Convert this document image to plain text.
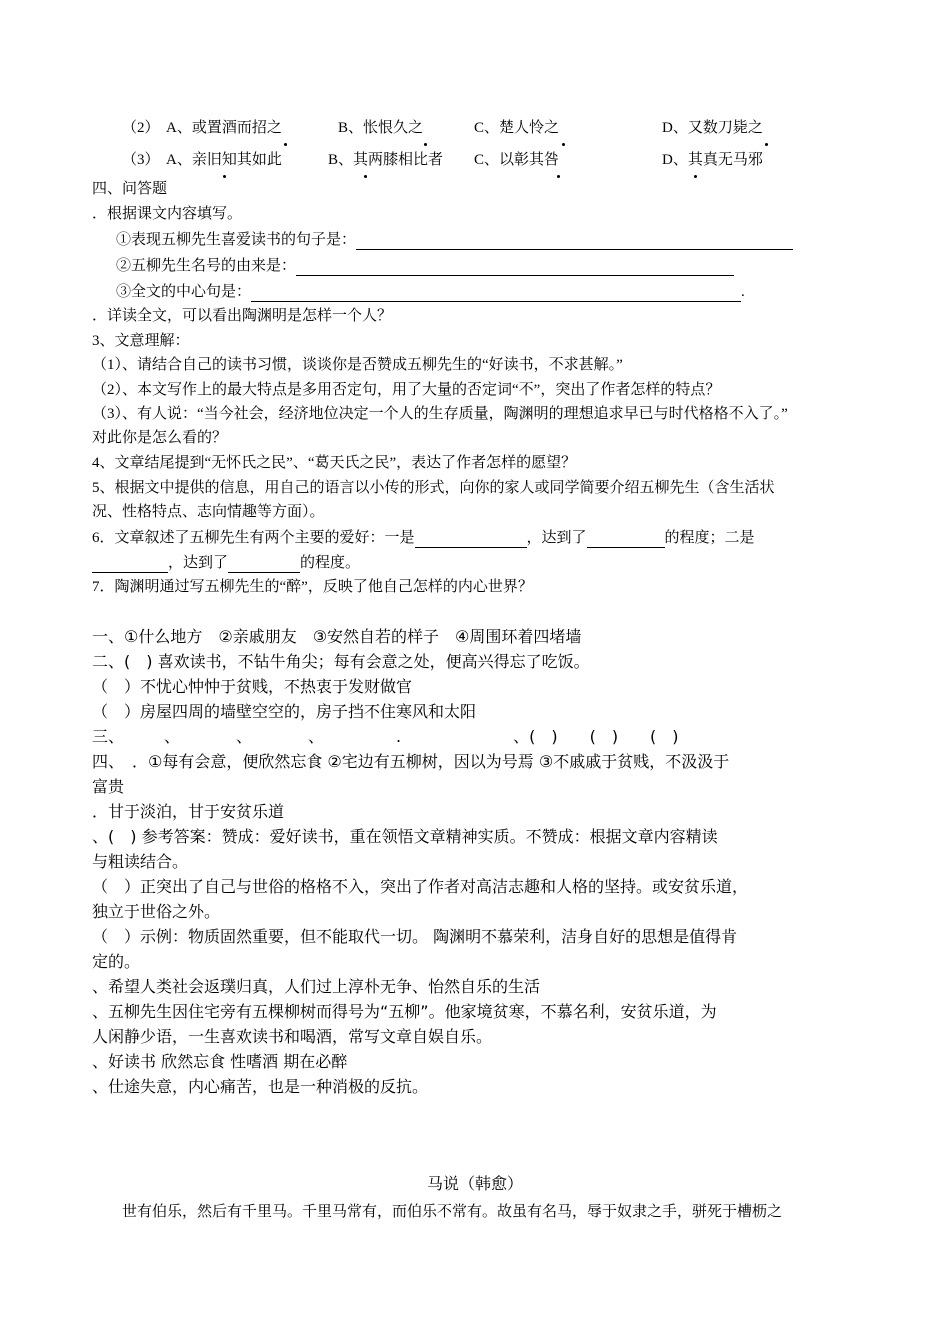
（2） A、或置酒而招之	B、怅恨久之	C、楚人怜之	D、又数刀毙之
（3） A、亲旧知其如此	B、其两膝相比者 C、以彰其咎	D、其真无马邪
四、问答题
．根据课文内容填写。
①表现五柳先生喜爱读书的句子是：
②五柳先生名号的由来是：
③全文的中心句是：	.
．详读全文，可以看出陶渊明是怎样一个人？
3、文意理解：
（1）、请结合自己的读书习惯，谈谈你是否赞成五柳先生的“好读书，不求甚解。”
（2）、本文写作上的最大特点是多用否定句，用了大量的否定词“不”，突出了作者怎样的特点？
（3）、有人说：“当今社会，经济地位决定一个人的生存质量，陶渊明的理想追求早已与时代格格不入了。”
对此你是怎么看的？
4、文章结尾提到“无怀氏之民”、“葛天氏之民”，表达了作者怎样的愿望？
5、根据文中提供的信息，用自己的语言以小传的形式，向你的家人或同学简要介绍五柳先生（含生活状
况、性格特点、志向情趣等方面）。
6．文章叙述了五柳先生有两个主要的爱好：一是	，达到了	的程度；二是
，达到了	的程度。
7．陶渊明通过写五柳先生的“醉”，反映了他自己怎样的内心世界？
一、①什么地方　②亲戚朋友　③安然自若的样子　④周围环着四堵墙
二、(　) 喜欢读书，不钻牛角尖；每有会意之处，便高兴得忘了吃饭。
（　）不忧心忡忡于贫贱，不热衷于发财做官
（　）房屋四周的墙壁空空的，房子挡不住寒风和太阳
三、　　　、　　　　、　　　　、　　　　　.　　　　　　　、(　)　　(　)　　(　)
四、　．①每有会意，便欣然忘食 ②宅边有五柳树，因以为号焉 ③不戚戚于贫贱，不汲汲于
富贵
．甘于淡泊，甘于安贫乐道
、(　) 参考答案：赞成：爱好读书，重在领悟文章精神实质。不赞成：根据文章内容精读
与粗读结合。
（　）正突出了自己与世俗的格格不入，突出了作者对高洁志趣和人格的坚持。或安贫乐道，
独立于世俗之外。
（　）示例：物质固然重要，但不能取代一切。 陶渊明不慕荣利，洁身自好的思想是值得肯
定的。
、希望人类社会返璞归真，人们过上淳朴无争、怡然自乐的生活
、五柳先生因住宅旁有五棵柳树而得号为“五柳”。他家境贫寒，不慕名利，安贫乐道，为
人闲静少语，一生喜欢读书和喝酒，常写文章自娱自乐。
、好读书 欣然忘食 性嗜酒 期在必醉
、仕途失意，内心痛苦，也是一种消极的反抗。
马说（韩愈）
世有伯乐，然后有千里马。千里马常有，而伯乐不常有。故虽有名马，辱于奴隶之手，骈死于槽枥之
